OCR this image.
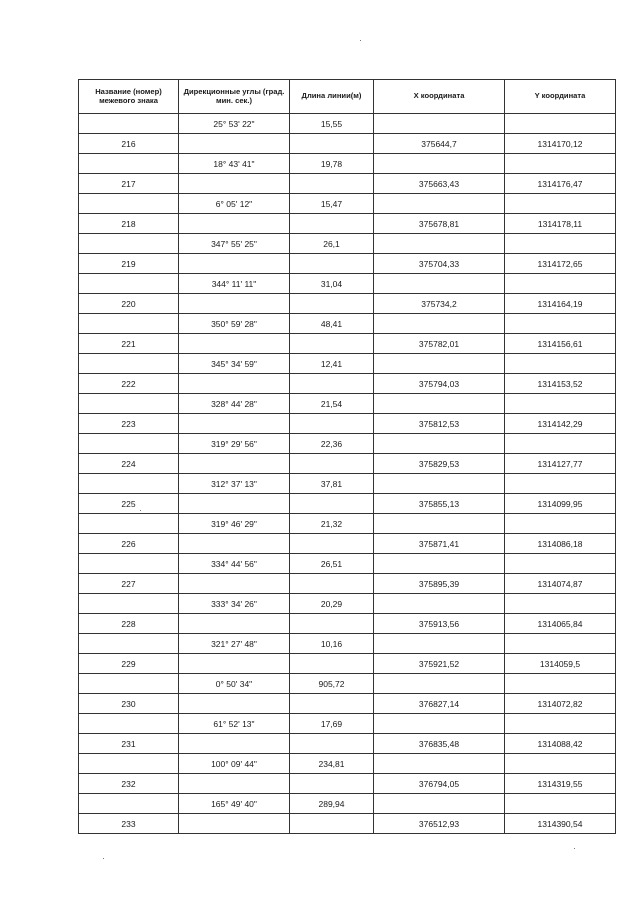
Название (номер) межевого знака	Дирекционные углы (град. мин. сек.)	Длина линии(м)	X координата	Y координата
	25° 53' 22"	15,55		
216			375644,7	1314170,12
	18° 43' 41"	19,78		
217			375663,43	1314176,47
	6° 05' 12"	15,47		
218			375678,81	1314178,11
	347° 55' 25"	26,1		
219			375704,33	1314172,65
	344° 11' 11"	31,04		
220			375734,2	1314164,19
	350° 59' 28"	48,41		
221			375782,01	1314156,61
	345° 34' 59"	12,41		
222			375794,03	1314153,52
	328° 44' 28"	21,54		
223			375812,53	1314142,29
	319° 29' 56"	22,36		
224			375829,53	1314127,77
	312° 37' 13"	37,81		
225			375855,13	1314099,95
	319° 46' 29"	21,32		
226			375871,41	1314086,18
	334° 44' 56"	26,51		
227			375895,39	1314074,87
	333° 34' 26"	20,29		
228			375913,56	1314065,84
	321° 27' 48"	10,16		
229			375921,52	1314059,5
	0° 50' 34"	905,72		
230			376827,14	1314072,82
	61° 52' 13"	17,69		
231			376835,48	1314088,42
	100° 09' 44"	234,81		
232			376794,05	1314319,55
	165° 49' 40"	289,94		
233			376512,93	1314390,54
